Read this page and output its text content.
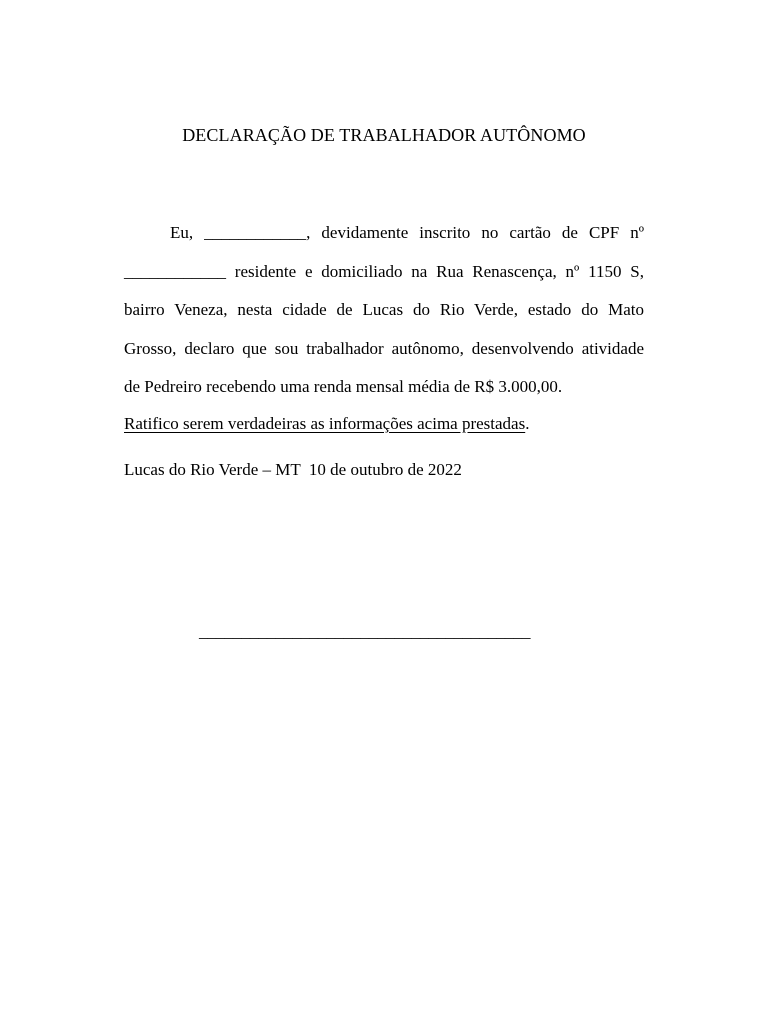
DECLARAÇÃO DE TRABALHADOR AUTÔNOMO
Eu, ____________, devidamente inscrito no cartão de CPF nº
____________ residente e domiciliado na Rua Renascença, nº 1150 S,
bairro Veneza, nesta cidade de Lucas do Rio Verde, estado do Mato
Grosso, declaro que sou trabalhador autônomo, desenvolvendo atividade
de Pedreiro recebendo uma renda mensal média de R$ 3.000,00.
Ratifico serem verdadeiras as informações acima prestadas.
Lucas do Rio Verde – MT  10 de outubro de 2022
_______________________________________
